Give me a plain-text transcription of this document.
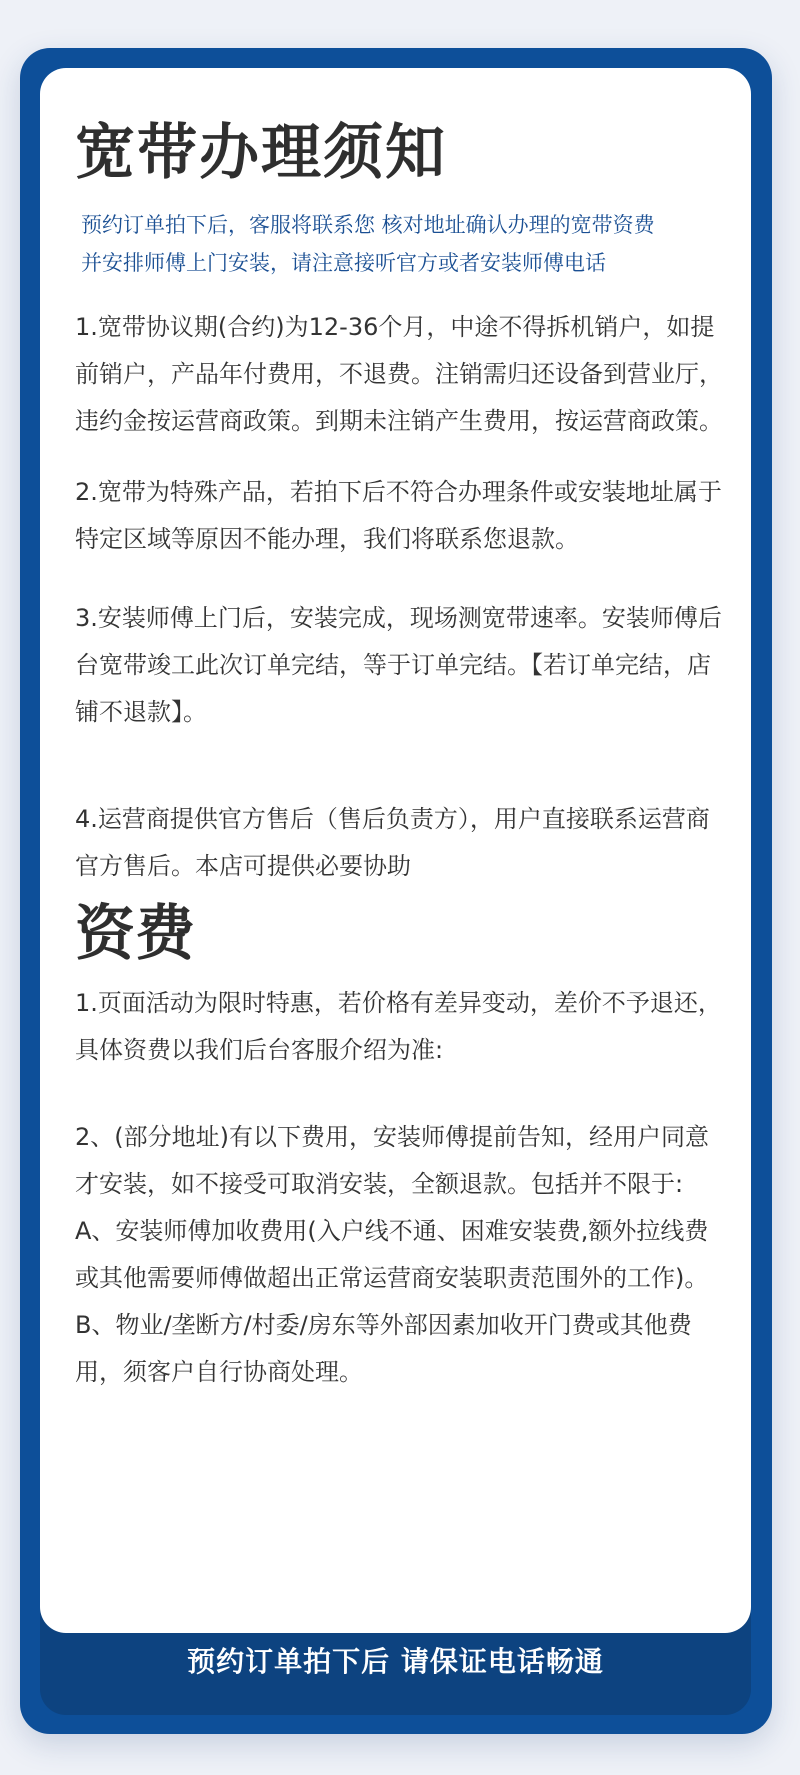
宽带办理须知
预约订单拍下后，客服将联系您 核对地址确认办理的宽带资费
并安排师傅上门安装，请注意接听官方或者安装师傅电话

1.宽带协议期(合约)为12-36个月，中途不得拆机销户，如提前销户，产品年付费用，不退费。注销需归还设备到营业厅，违约金按运营商政策。到期未注销产生费用，按运营商政策。

2.宽带为特殊产品，若拍下后不符合办理条件或安装地址属于特定区域等原因不能办理，我们将联系您退款。

3.安装师傅上门后，安装完成，现场测宽带速率。安装师傅后台宽带竣工此次订单完结，等于订单完结。【若订单完结，店铺不退款】。

4.运营商提供官方售后（售后负责方），用户直接联系运营商官方售后。本店可提供必要协助

资费

1.页面活动为限时特惠，若价格有差异变动，差价不予退还，具体资费以我们后台客服介绍为准:

2、(部分地址)有以下费用，安装师傅提前告知，经用户同意才安装，如不接受可取消安装，全额退款。包括并不限于:

A、安装师傅加收费用(入户线不通、困难安装费,额外拉线费或其他需要师傅做超出正常运营商安装职责范围外的工作)。

B、物业/垄断方/村委/房东等外部因素加收开门费或其他费用，须客户自行协商处理。

预约订单拍下后 请保证电话畅通
